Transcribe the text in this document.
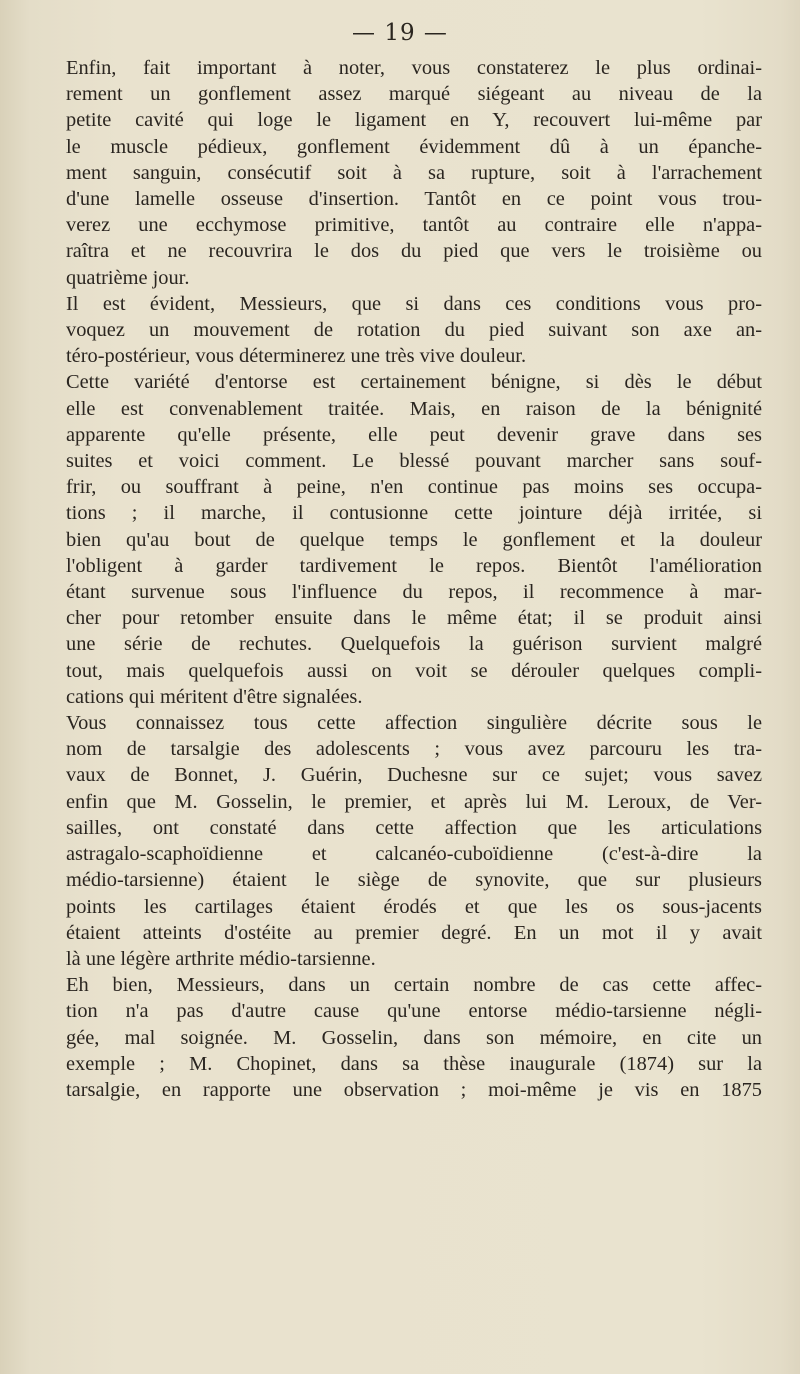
— 19 —

Enfin, fait important à noter, vous constaterez le plus ordinai-
rement un gonflement assez marqué siégeant au niveau de la
petite cavité qui loge le ligament en Y, recouvert lui-même par
le muscle pédieux, gonflement évidemment dû à un épanche-
ment sanguin, consécutif soit à sa rupture, soit à l'arrachement
d'une lamelle osseuse d'insertion. Tantôt en ce point vous trou-
verez une ecchymose primitive, tantôt au contraire elle n'appa-
raîtra et ne recouvrira le dos du pied que vers le troisième ou
quatrième jour.

Il est évident, Messieurs, que si dans ces conditions vous pro-
voquez un mouvement de rotation du pied suivant son axe an-
téro-postérieur, vous déterminerez une très vive douleur.

Cette variété d'entorse est certainement bénigne, si dès le début
elle est convenablement traitée. Mais, en raison de la bénignité
apparente qu'elle présente, elle peut devenir grave dans ses
suites et voici comment. Le blessé pouvant marcher sans souf-
frir, ou souffrant à peine, n'en continue pas moins ses occupa-
tions ; il marche, il contusionne cette jointure déjà irritée, si
bien qu'au bout de quelque temps le gonflement et la douleur
l'obligent à garder tardivement le repos. Bientôt l'amélioration
étant survenue sous l'influence du repos, il recommence à mar-
cher pour retomber ensuite dans le même état; il se produit ainsi
une série de rechutes. Quelquefois la guérison survient malgré
tout, mais quelquefois aussi on voit se dérouler quelques compli-
cations qui méritent d'être signalées.

Vous connaissez tous cette affection singulière décrite sous le
nom de tarsalgie des adolescents ; vous avez parcouru les tra-
vaux de Bonnet, J. Guérin, Duchesne sur ce sujet; vous savez
enfin que M. Gosselin, le premier, et après lui M. Leroux, de Ver-
sailles, ont constaté dans cette affection que les articulations
astragalo-scaphoïdienne et calcanéo-cuboïdienne (c'est-à-dire la
médio-tarsienne) étaient le siège de synovite, que sur plusieurs
points les cartilages étaient érodés et que les os sous-jacents
étaient atteints d'ostéite au premier degré. En un mot il y avait
là une légère arthrite médio-tarsienne.

Eh bien, Messieurs, dans un certain nombre de cas cette affec-
tion n'a pas d'autre cause qu'une entorse médio-tarsienne négli-
gée, mal soignée. M. Gosselin, dans son mémoire, en cite un
exemple ; M. Chopinet, dans sa thèse inaugurale (1874) sur la
tarsalgie, en rapporte une observation ; moi-même je vis en 1875
